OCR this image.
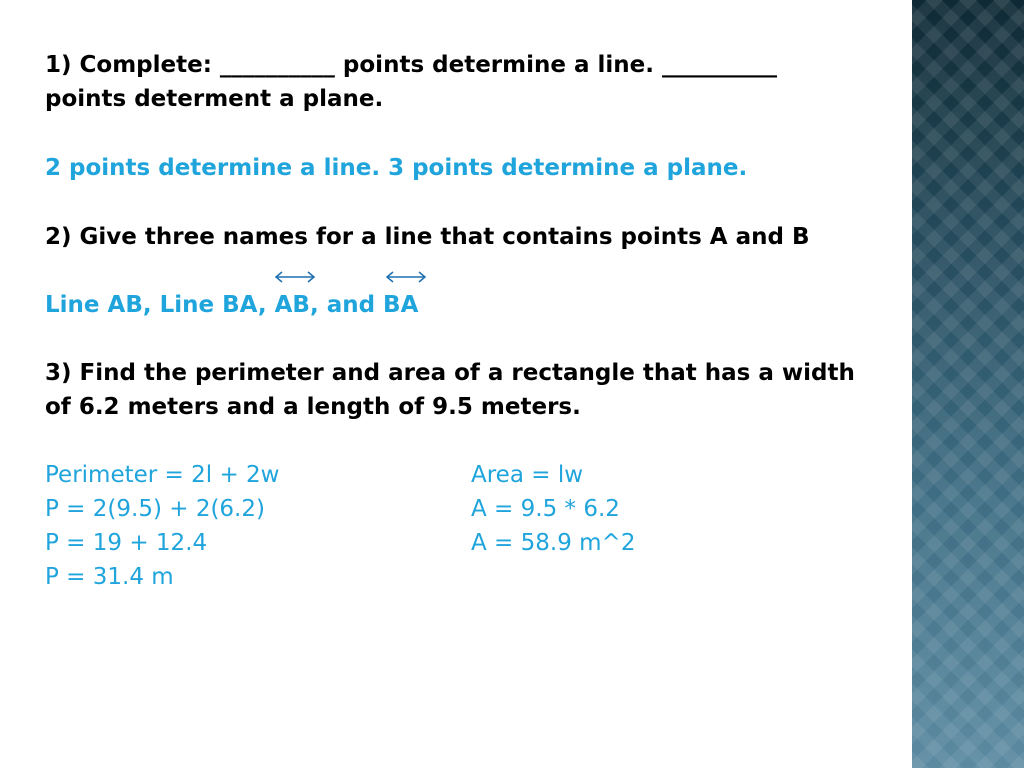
1) Complete: __________ points determine a line. __________
points determent a plane.
2 points determine a line. 3 points determine a plane.
2) Give three names for a line that contains points A and B
Line AB, Line BA, AB, and BA
3) Find the perimeter and area of a rectangle that has a width
of 6.2 meters and a length of 9.5 meters.
Perimeter = 2l + 2w
P = 2(9.5) + 2(6.2)
P = 19 + 12.4
P = 31.4 m
Area = lw
A = 9.5 * 6.2
A = 58.9 m^2
